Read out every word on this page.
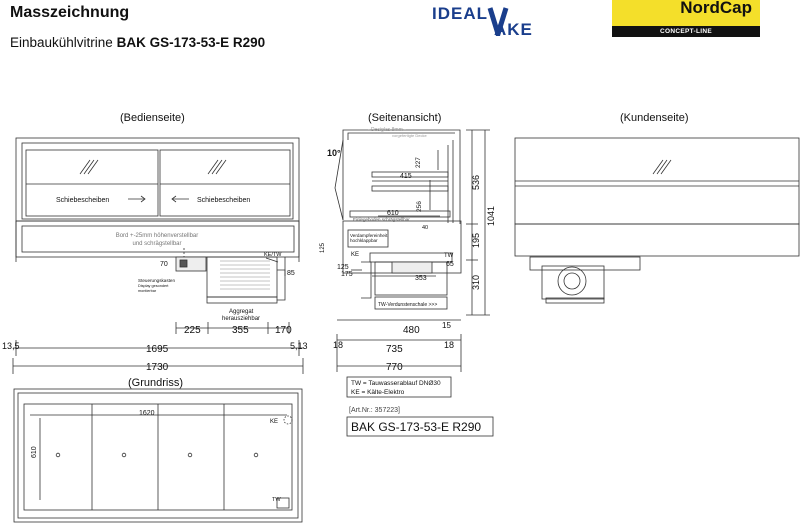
Masszeichnung
Einbaukühlvitrine BAK GS-173-53-E R290
IDEAL
AKE
NordCap
CONCEPT-LINE
(Bedienseite)	(Seitenansicht)	(Kundenseite)
(Grundriss)
Schiebescheiben	Schiebescheiben
Bord +-25mm höhenverstellbar
und schrägstellbar
Steuerungskasten
Display gesondert
montierbar
Aggregat
herausziehbar
KE/TW
70
85
225	355	170
13,5	1695	5,13
1730
- Desiglas 8mm -
vorgefertigte Decke
10°
227
415
256
610
Einlegeboden schrägstellbar
40
536
1041
195
125
Verdampfereinheit
hochklappbar
KE	TW
125
175
65
353	310
TW-Verdunstenschale >>>
480	15
18	735	18
770
1620
610
KE
TW
TW = Tauwasserablauf DNØ30
KE = Kälte-Elektro
[Art.Nr.: 357223]
BAK GS-173-53-E R290
